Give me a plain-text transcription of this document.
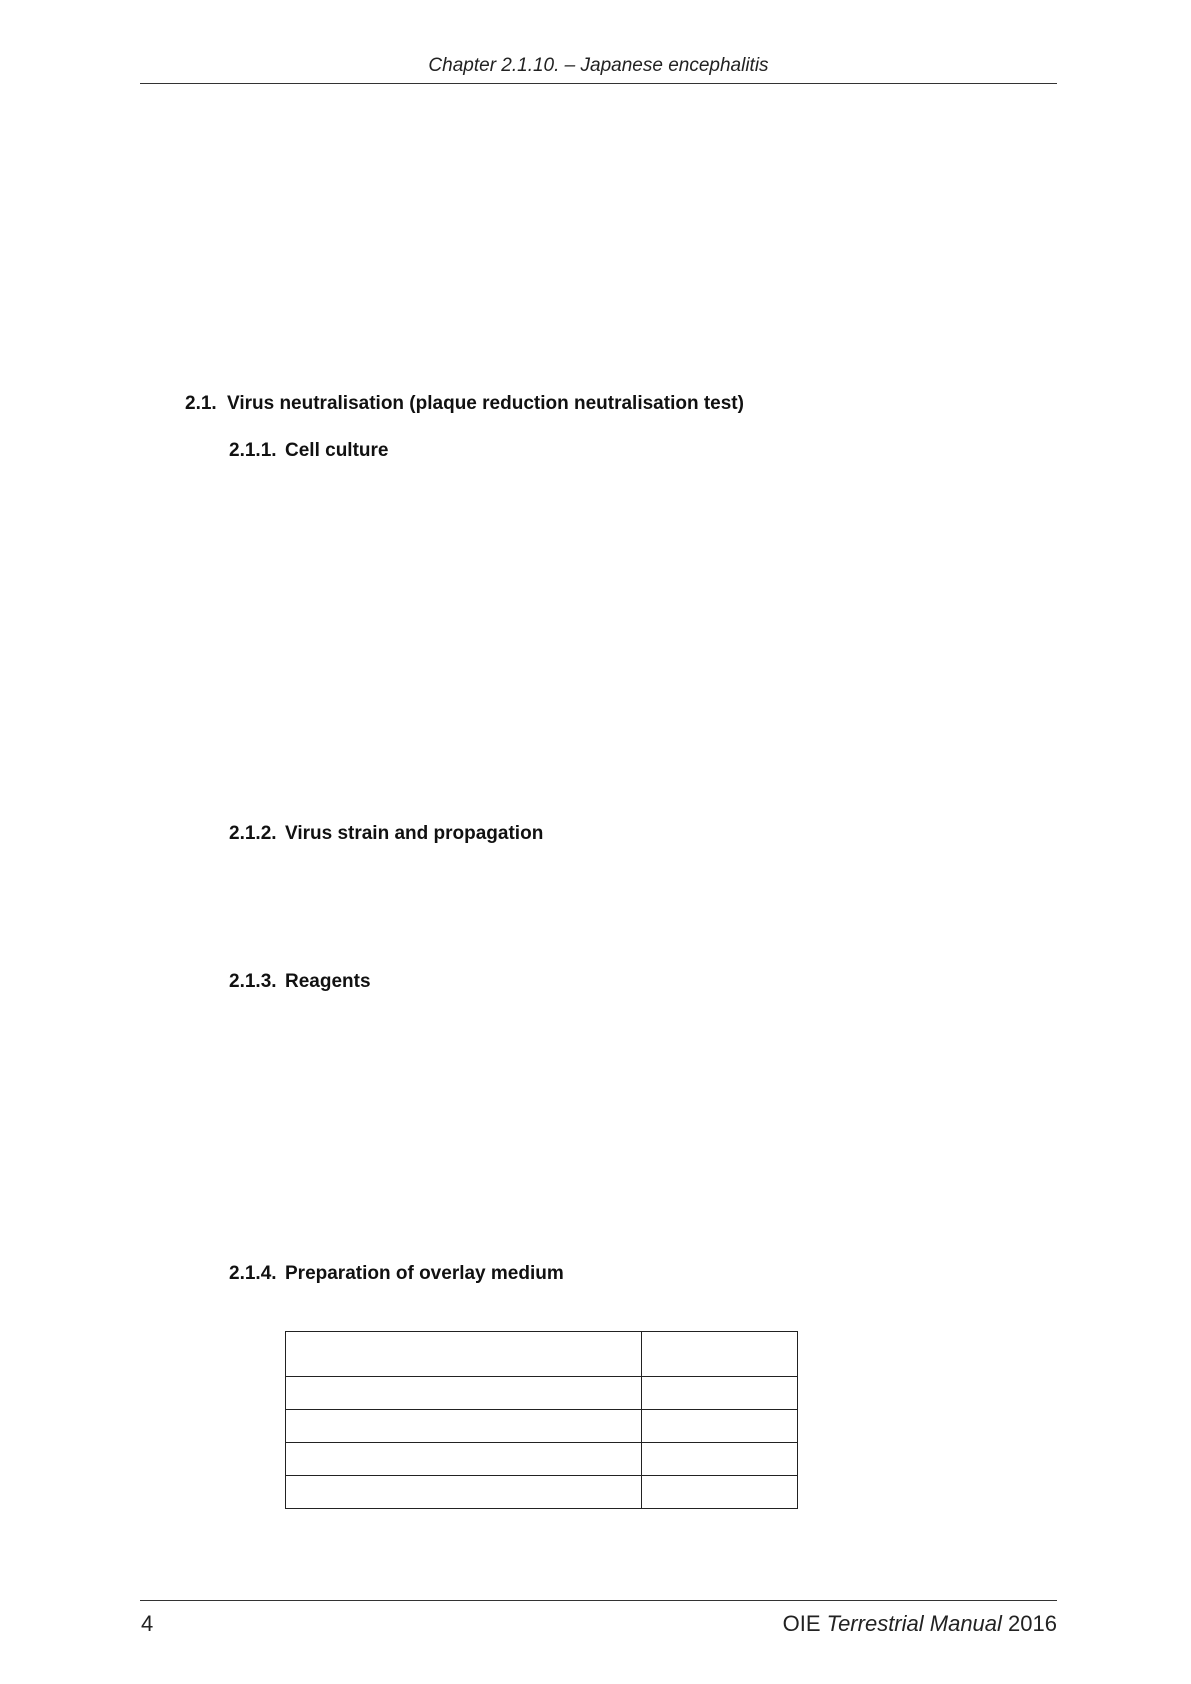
Chapter 2.1.10. – Japanese encephalitis
2.1. Virus neutralisation (plaque reduction neutralisation test)
2.1.1. Cell culture
2.1.2. Virus strain and propagation
2.1.3. Reagents
2.1.4. Preparation of overlay medium

4	OIE Terrestrial Manual 2016
